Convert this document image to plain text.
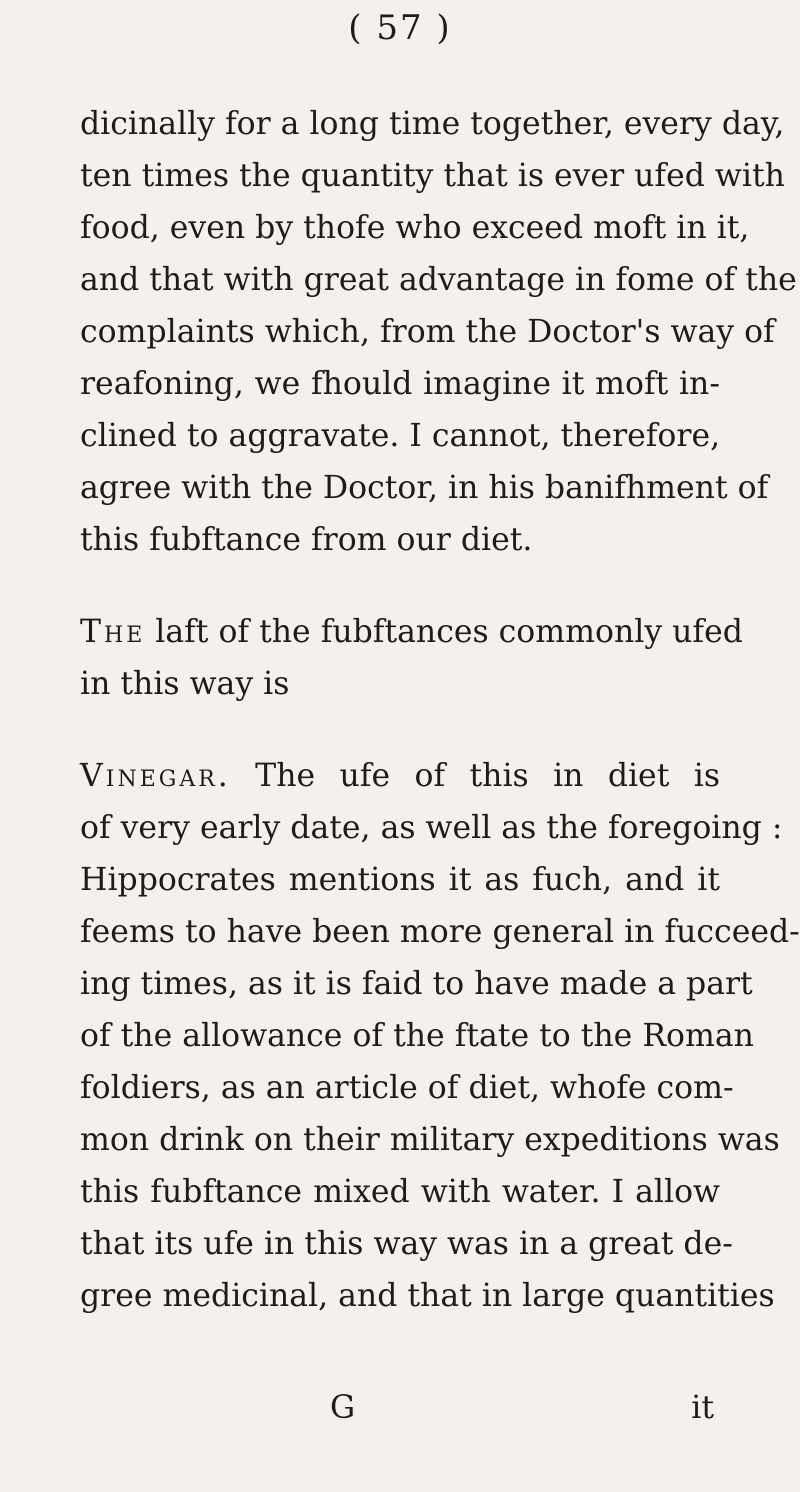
( 57 )
dicinally for a long time together, every day,
ten times the quantity that is ever ufed with
food, even by thofe who exceed moft in it,
and that with great advantage in fome of the
complaints which, from the Doctor's way of
reafoning, we fhould imagine it moft in-
clined to aggravate. I cannot, therefore,
agree with the Doctor, in his banifhment of
this fubftance from our diet.
The laft of the fubftances commonly ufed
in this way is
Vinegar. The ufe of this in diet is
of very early date, as well as the foregoing :
Hippocrates mentions it as fuch, and it
feems to have been more general in fucceed-
ing times, as it is faid to have made a part
of the allowance of the ftate to the Roman
foldiers, as an article of diet, whofe com-
mon drink on their military expeditions was
this fubftance mixed with water. I allow
that its ufe in this way was in a great de-
gree medicinal, and that in large quantities
G	it
